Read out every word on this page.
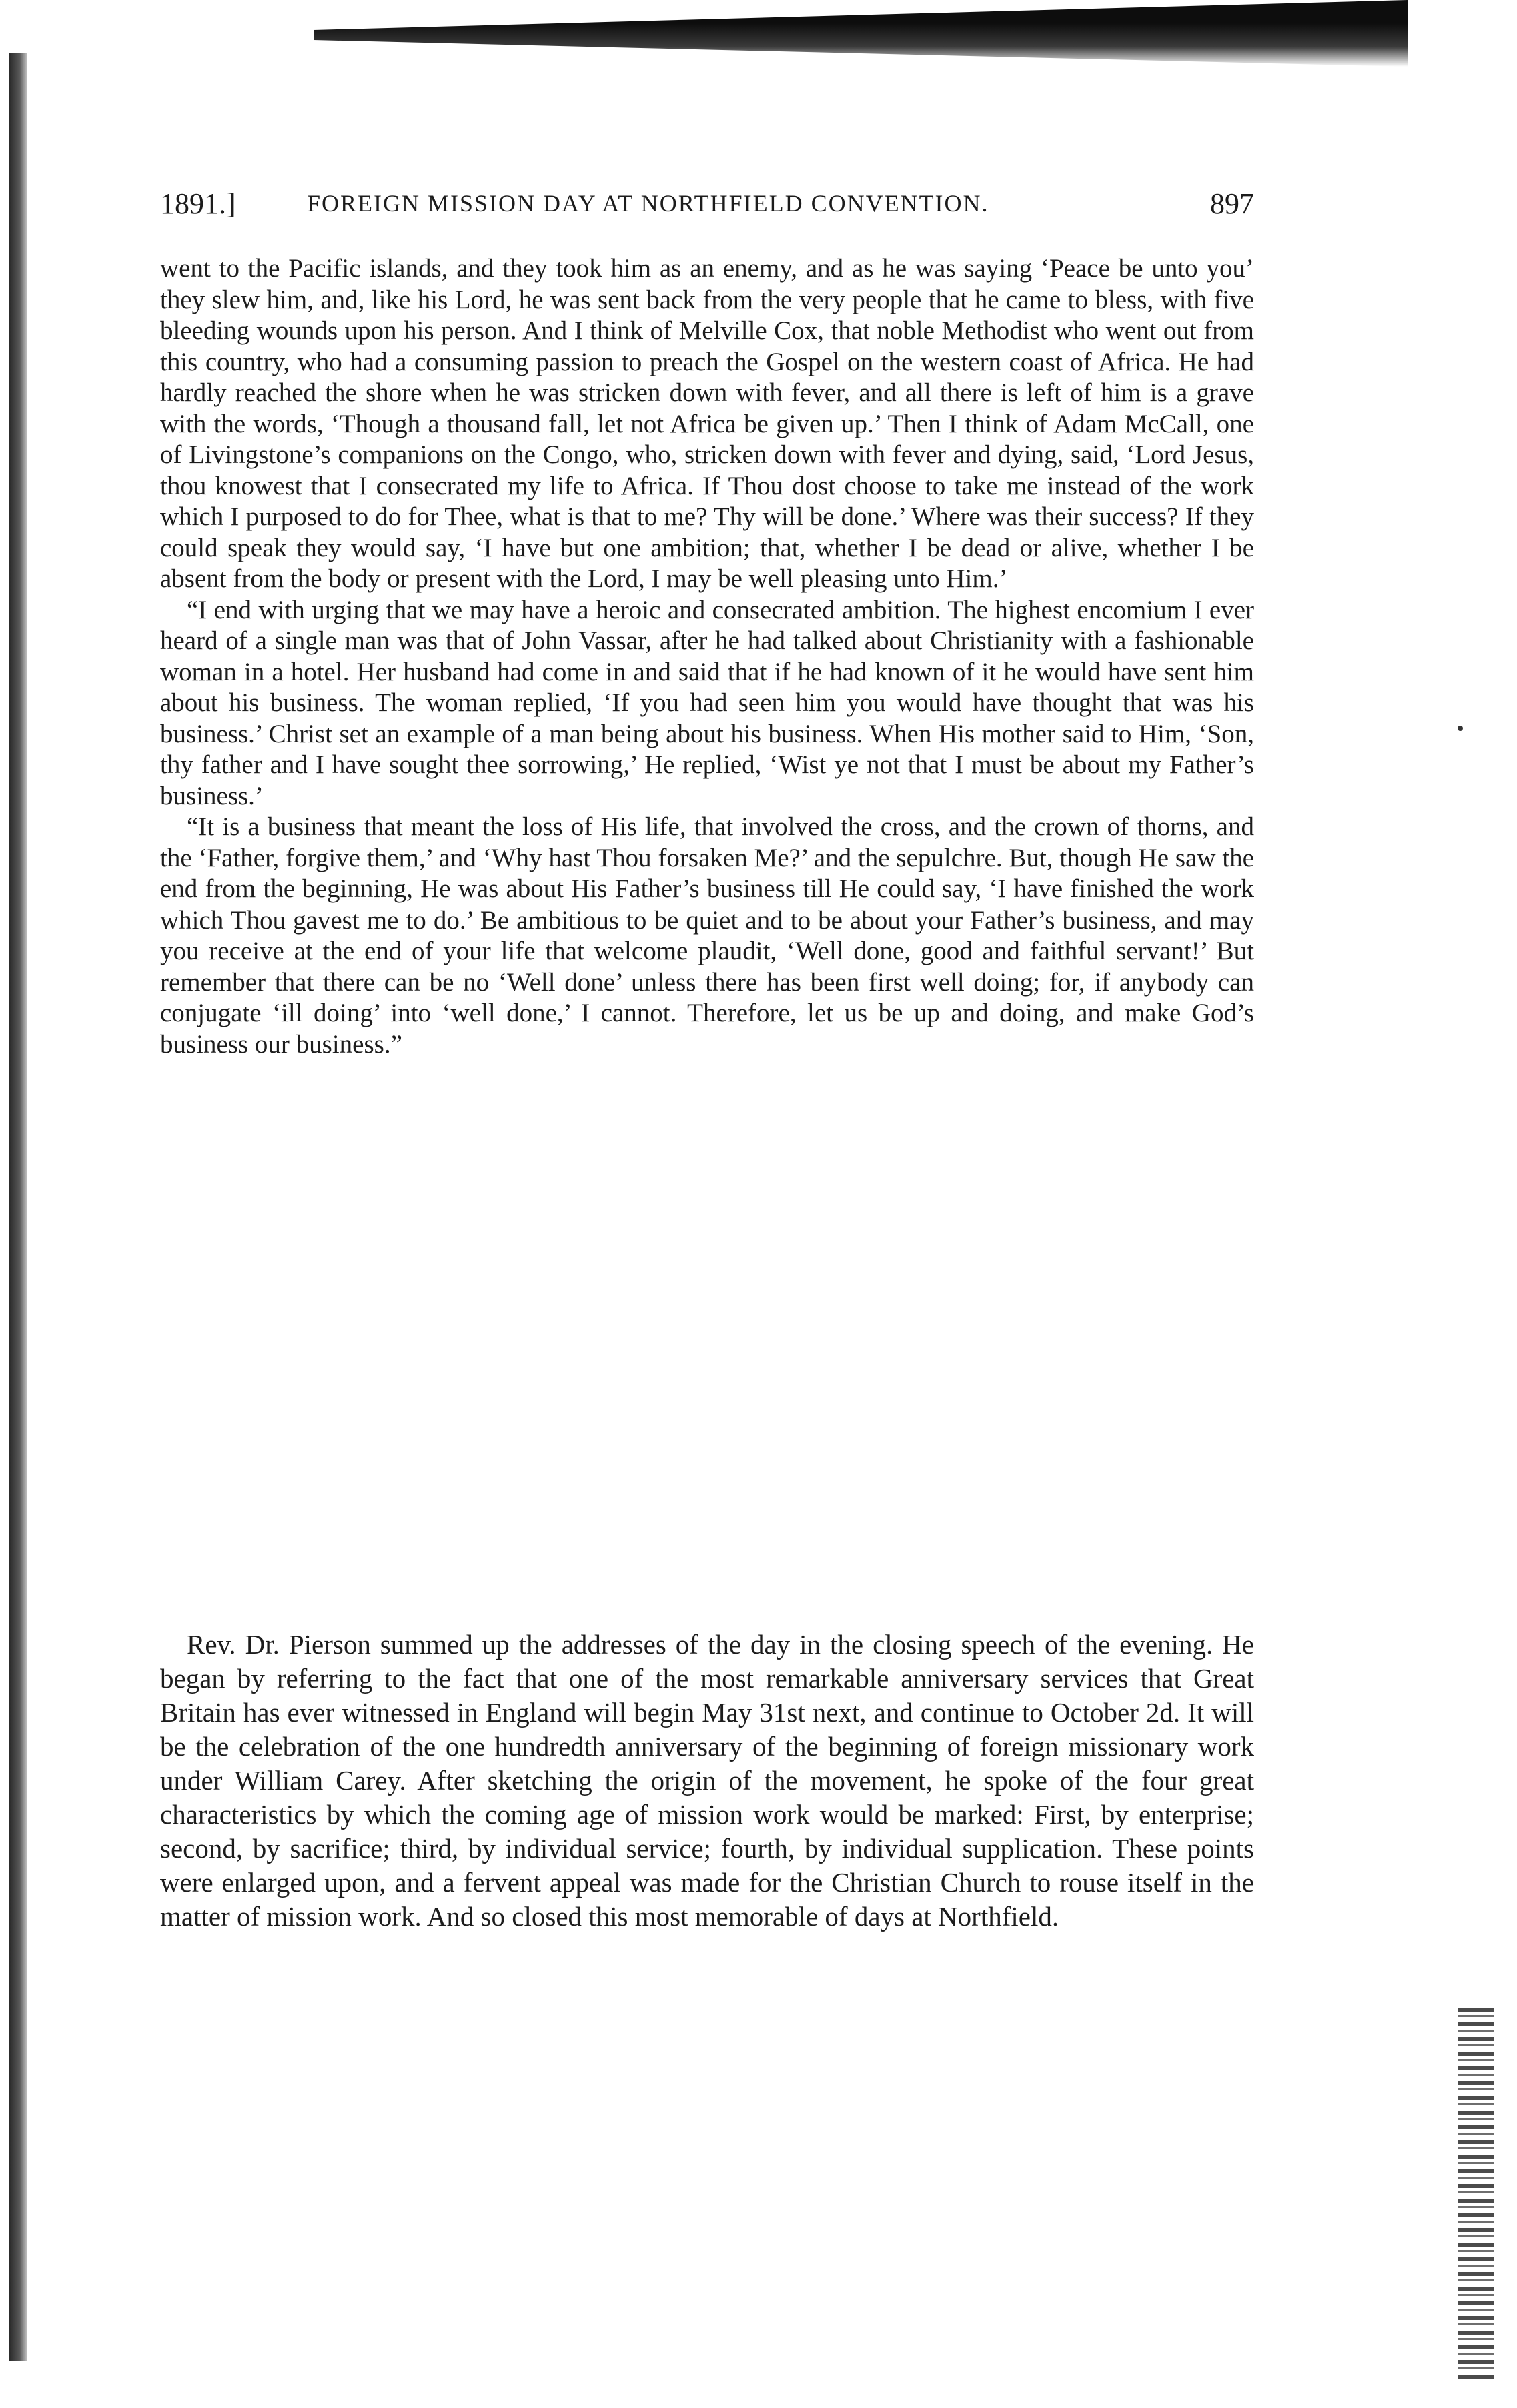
1891.]	FOREIGN MISSION DAY AT NORTHFIELD CONVENTION.	897

went to the Pacific islands, and they took him as an enemy, and as he was saying ‘Peace be unto you’ they slew him, and, like his Lord, he was sent back from the very people that he came to bless, with five bleeding wounds upon his person. And I think of Melville Cox, that noble Methodist who went out from this country, who had a consuming passion to preach the Gospel on the western coast of Africa. He had hardly reached the shore when he was stricken down with fever, and all there is left of him is a grave with the words, ‘Though a thousand fall, let not Africa be given up.’ Then I think of Adam McCall, one of Livingstone’s companions on the Congo, who, stricken down with fever and dying, said, ‘Lord Jesus, thou knowest that I consecrated my life to Africa. If Thou dost choose to take me instead of the work which I purposed to do for Thee, what is that to me? Thy will be done.’ Where was their success? If they could speak they would say, ‘I have but one ambition; that, whether I be dead or alive, whether I be absent from the body or present with the Lord, I may be well pleasing unto Him.’

“I end with urging that we may have a heroic and consecrated ambition. The highest encomium I ever heard of a single man was that of John Vassar, after he had talked about Christianity with a fashionable woman in a hotel. Her husband had come in and said that if he had known of it he would have sent him about his business. The woman replied, ‘If you had seen him you would have thought that was his business.’ Christ set an example of a man being about his business. When His mother said to Him, ‘Son, thy father and I have sought thee sorrowing,’ He replied, ‘Wist ye not that I must be about my Father’s business.’

“It is a business that meant the loss of His life, that involved the cross, and the crown of thorns, and the ‘Father, forgive them,’ and ‘Why hast Thou forsaken Me?’ and the sepulchre. But, though He saw the end from the beginning, He was about His Father’s business till He could say, ‘I have finished the work which Thou gavest me to do.’ Be ambitious to be quiet and to be about your Father’s business, and may you receive at the end of your life that welcome plaudit, ‘Well done, good and faithful servant!’ But remember that there can be no ‘Well done’ unless there has been first well doing; for, if anybody can conjugate ‘ill doing’ into ‘well done,’ I cannot. Therefore, let us be up and doing, and make God’s business our business.”

Rev. Dr. Pierson summed up the addresses of the day in the closing speech of the evening. He began by referring to the fact that one of the most remarkable anniversary services that Great Britain has ever witnessed in England will begin May 31st next, and continue to October 2d. It will be the celebration of the one hundredth anniversary of the beginning of foreign missionary work under William Carey. After sketching the origin of the movement, he spoke of the four great characteristics by which the coming age of mission work would be marked: First, by enterprise; second, by sacrifice; third, by individual service; fourth, by individual supplication. These points were enlarged upon, and a fervent appeal was made for the Christian Church to rouse itself in the matter of mission work. And so closed this most memorable of days at Northfield.
